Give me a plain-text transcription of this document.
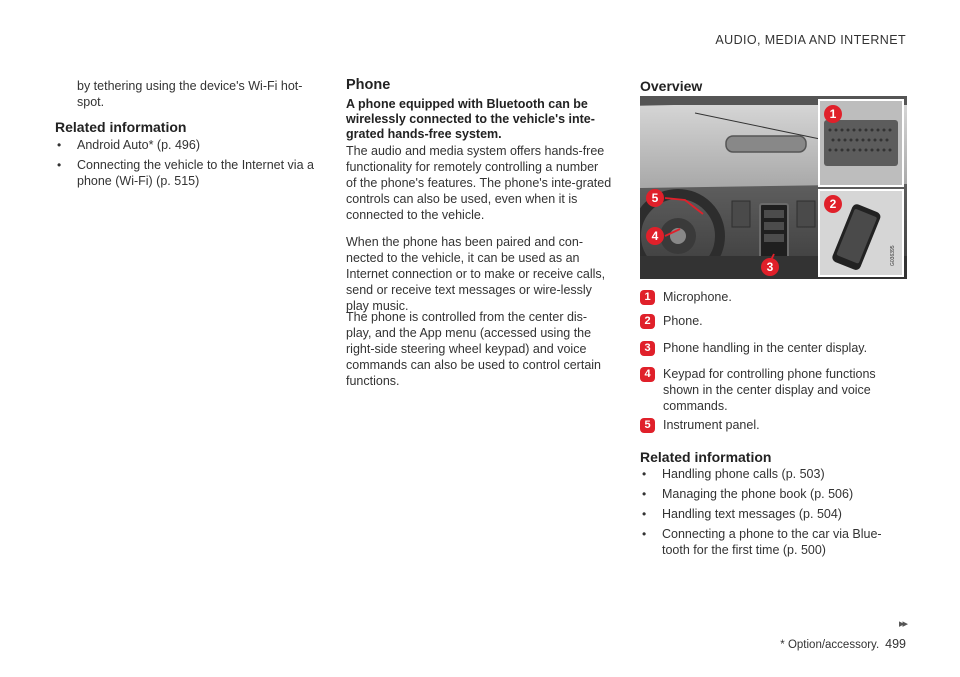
AUDIO, MEDIA AND INTERNET

by tethering using the device's Wi-Fi hot-spot.

Related information
• Android Auto* (p. 496)
• Connecting the vehicle to the Internet via a phone (Wi-Fi) (p. 515)
Phone
A phone equipped with Bluetooth can be wirelessly connected to the vehicle's inte-grated hands-free system.

The audio and media system offers hands-free functionality for remotely controlling a number of the phone's features. The phone's inte-grated controls can also be used, even when it is connected to the vehicle.

When the phone has been paired and con-nected to the vehicle, it can be used as an Internet connection or to make or receive calls, send or receive text messages or wire-lessly play music.

The phone is controlled from the center dis-play, and the App menu (accessed using the right-side steering wheel keypad) and voice commands can also be used to control certain functions.

Overview
G036395
1
2
3
4
5
1 Microphone.
2 Phone.
3 Phone handling in the center display.
4 Keypad for controlling phone functions shown in the center display and voice commands.
5 Instrument panel.
Related information
• Handling phone calls (p. 503)
• Managing the phone book (p. 506)
• Handling text messages (p. 504)
• Connecting a phone to the car via Blue-tooth for the first time (p. 500)
▸▸
* Option/accessory. 499
